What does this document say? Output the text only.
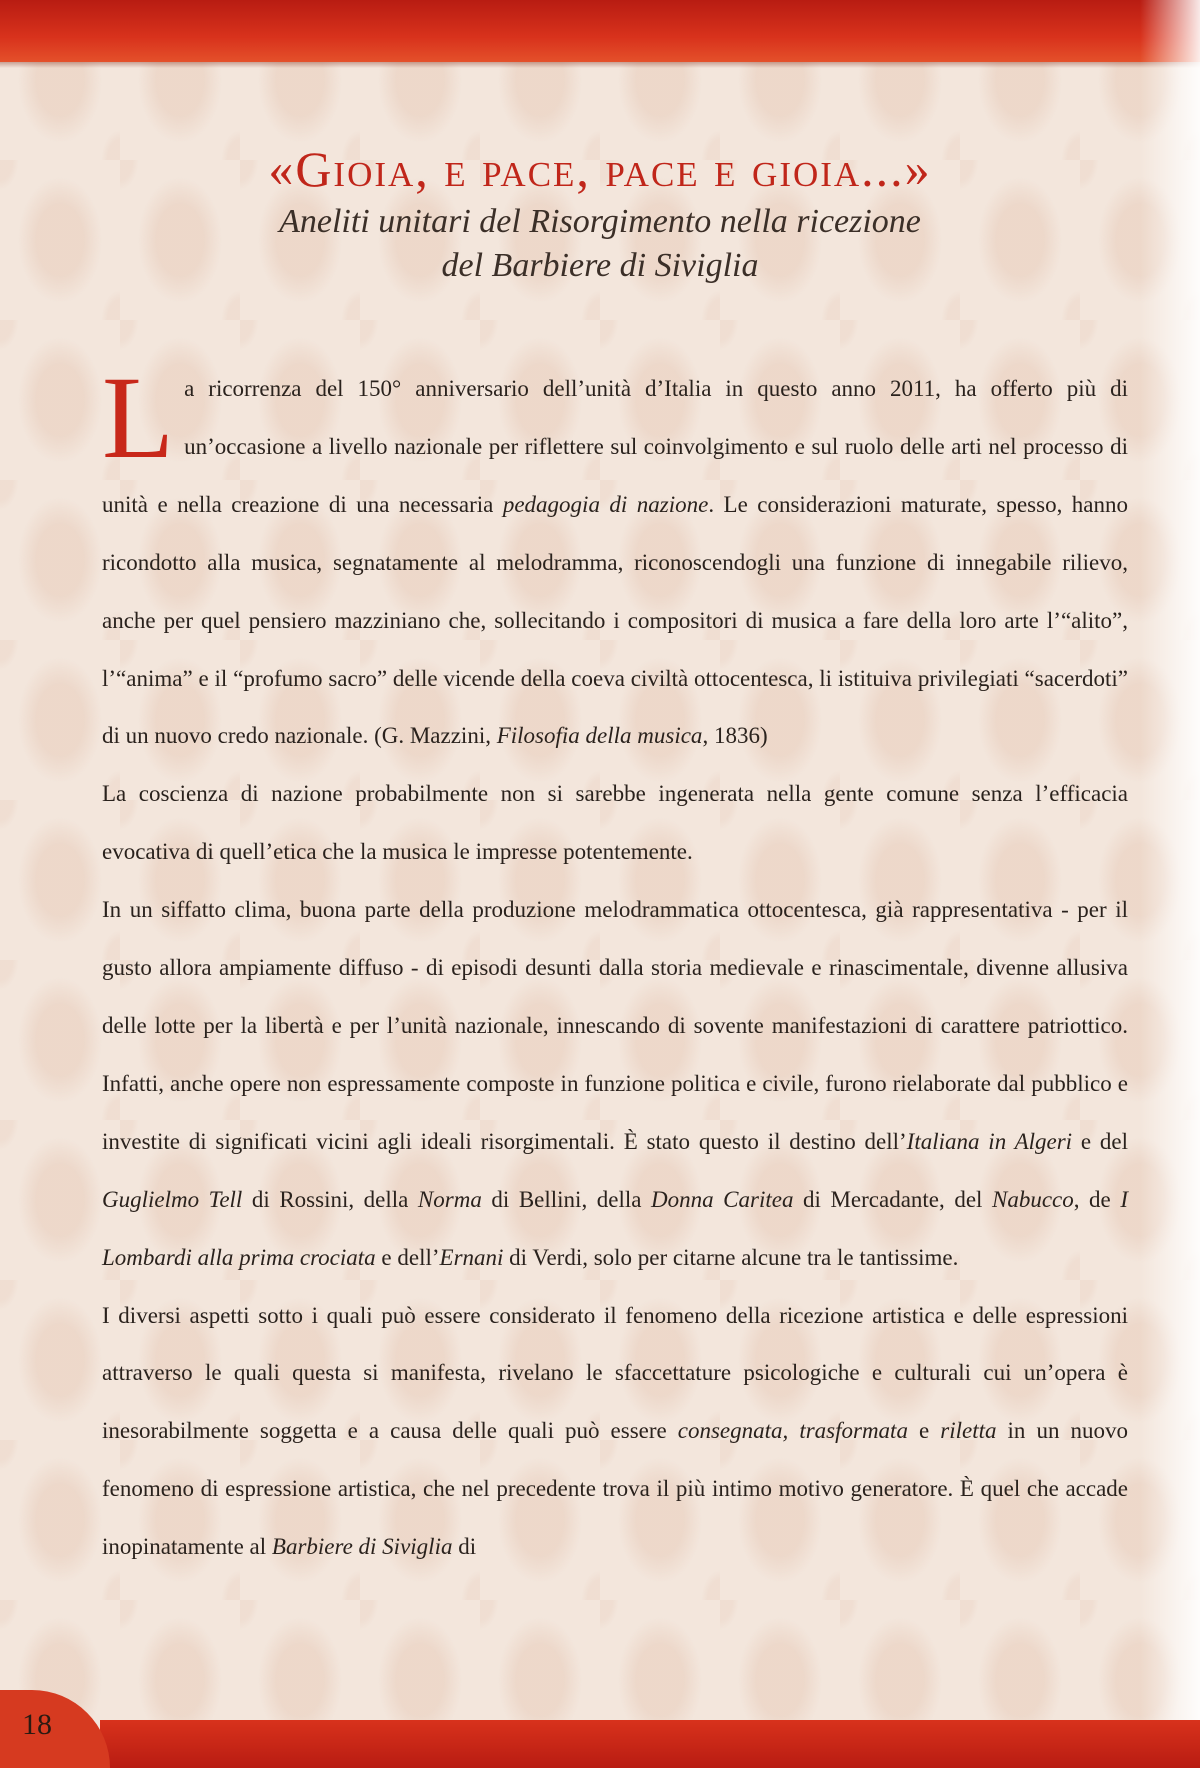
«Gioia, e pace, pace e gioia...»
Aneliti unitari del Risorgimento nella ricezione
del Barbiere di Siviglia

La ricorrenza del 150° anniversario dell’unità d’Italia in questo anno 2011, ha offerto più di un’occasione a livello nazionale per riflettere sul coinvolgimento e sul ruolo delle arti nel processo di unità e nella creazione di una necessaria pedagogia di nazione. Le considerazioni maturate, spesso, hanno ricondotto alla musica, segnatamente al melodramma, riconoscendogli una funzione di innegabile rilievo, anche per quel pensiero mazziniano che, sollecitando i compositori di musica a fare della loro arte l’“alito”, l’“anima” e il “profumo sacro” delle vicende della coeva civiltà ottocentesca, li istituiva privilegiati “sacerdoti” di un nuovo credo nazionale. (G. Mazzini, Filosofia della musica, 1836)

La coscienza di nazione probabilmente non si sarebbe ingenerata nella gente comune senza l’efficacia evocativa di quell’etica che la musica le impresse potentemente.

In un siffatto clima, buona parte della produzione melodrammatica ottocentesca, già rappresentativa - per il gusto allora ampiamente diffuso - di episodi desunti dalla storia medievale e rinascimentale, divenne allusiva delle lotte per la libertà e per l’unità nazionale, innescando di sovente manifestazioni di carattere patriottico. Infatti, anche opere non espressamente composte in funzione politica e civile, furono rielaborate dal pubblico e investite di significati vicini agli ideali risorgimentali. È stato questo il destino dell’Italiana in Algeri e del Guglielmo Tell di Rossini, della Norma di Bellini, della Donna Caritea di Mercadante, del Nabucco, de I Lombardi alla prima crociata e dell’Ernani di Verdi, solo per citarne alcune tra le tantissime.

I diversi aspetti sotto i quali può essere considerato il fenomeno della ricezione artistica e delle espressioni attraverso le quali questa si manifesta, rivelano le sfaccettature psicologiche e culturali cui un’opera è inesorabilmente soggetta e a causa delle quali può essere consegnata, trasformata e riletta in un nuovo fenomeno di espressione artistica, che nel precedente trova il più intimo motivo generatore. È quel che accade inopinatamente al Barbiere di Siviglia di

18
